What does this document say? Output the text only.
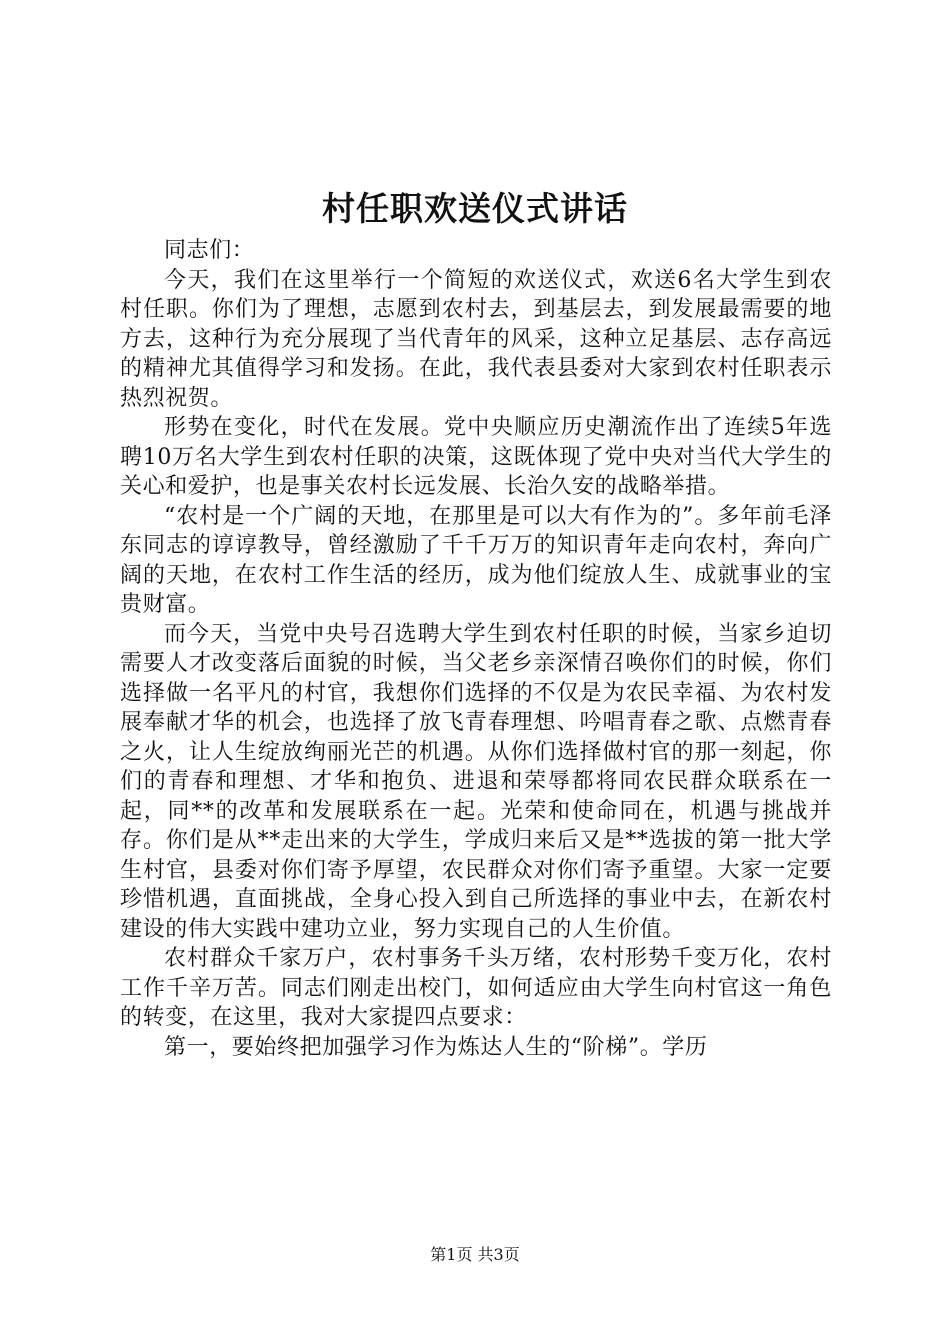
村任职欢送仪式讲话

同志们：

今天，我们在这里举行一个简短的欢送仪式，欢送6名大学生到农村任职。你们为了理想，志愿到农村去，到基层去，到发展最需要的地方去，这种行为充分展现了当代青年的风采，这种立足基层、志存高远的精神尤其值得学习和发扬。在此，我代表县委对大家到农村任职表示热烈祝贺。

形势在变化，时代在发展。党中央顺应历史潮流作出了连续5年选聘10万名大学生到农村任职的决策，这既体现了党中央对当代大学生的关心和爱护，也是事关农村长远发展、长治久安的战略举措。

“农村是一个广阔的天地，在那里是可以大有作为的”。多年前毛泽东同志的谆谆教导，曾经激励了千千万万的知识青年走向农村，奔向广阔的天地，在农村工作生活的经历，成为他们绽放人生、成就事业的宝贵财富。

而今天，当党中央号召选聘大学生到农村任职的时候，当家乡迫切需要人才改变落后面貌的时候，当父老乡亲深情召唤你们的时候，你们选择做一名平凡的村官，我想你们选择的不仅是为农民幸福、为农村发展奉献才华的机会，也选择了放飞青春理想、吟唱青春之歌、点燃青春之火，让人生绽放绚丽光芒的机遇。从你们选择做村官的那一刻起，你们的青春和理想、才华和抱负、进退和荣辱都将同农民群众联系在一起，同**的改革和发展联系在一起。光荣和使命同在，机遇与挑战并存。你们是从**走出来的大学生，学成归来后又是**选拔的第一批大学生村官，县委对你们寄予厚望，农民群众对你们寄予重望。大家一定要珍惜机遇，直面挑战，全身心投入到自己所选择的事业中去，在新农村建设的伟大实践中建功立业，努力实现自己的人生价值。

农村群众千家万户，农村事务千头万绪，农村形势千变万化，农村工作千辛万苦。同志们刚走出校门，如何适应由大学生向村官这一角色的转变，在这里，我对大家提四点要求：

第一，要始终把加强学习作为炼达人生的“阶梯”。学历

第1页 共3页
